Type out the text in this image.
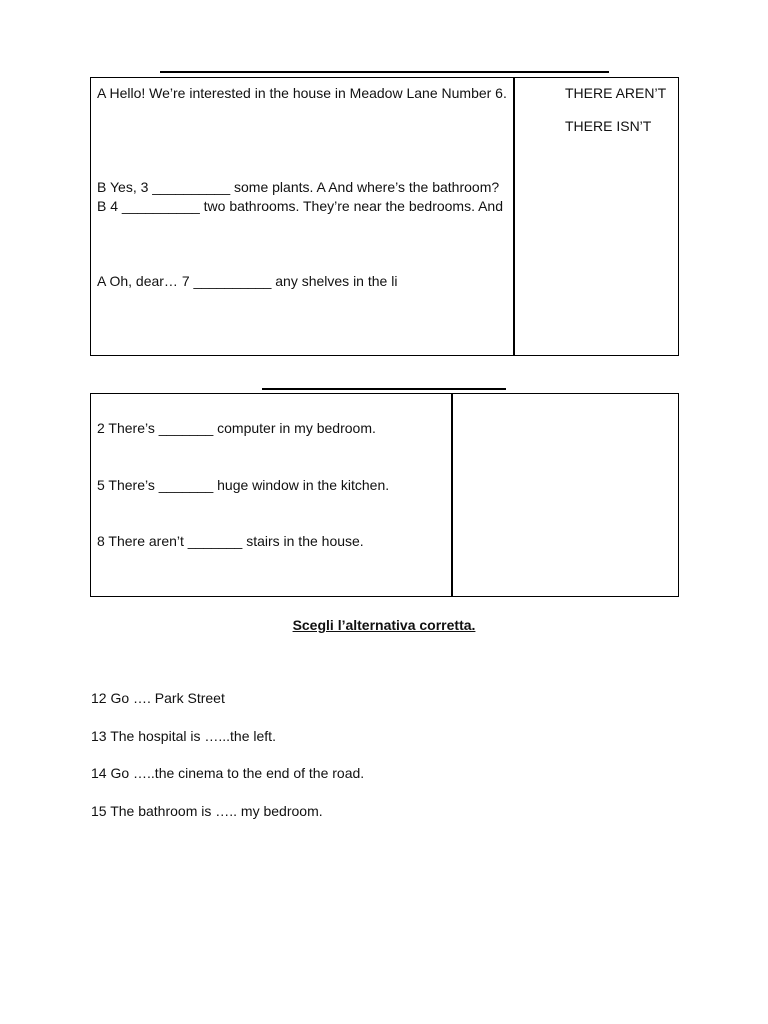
A Hello! We’re interested in the house in Meadow Lane Number 6.
B Yes, 3 __________ some plants. A And where’s the bathroom?
B 4 __________ two bathrooms. They’re near the bedrooms. And
A Oh, dear… 7 __________ any shelves in the li
THERE AREN’T
THERE ISN’T
2 There’s _______ computer in my bedroom.
5 There’s _______ huge window in the kitchen.
8 There aren’t _______ stairs in the house.
Scegli l’alternativa corretta.
12 Go …. Park Street
13 The hospital is …...the left.
14 Go …..the cinema to the end of the road.
15 The bathroom is ….. my bedroom.
